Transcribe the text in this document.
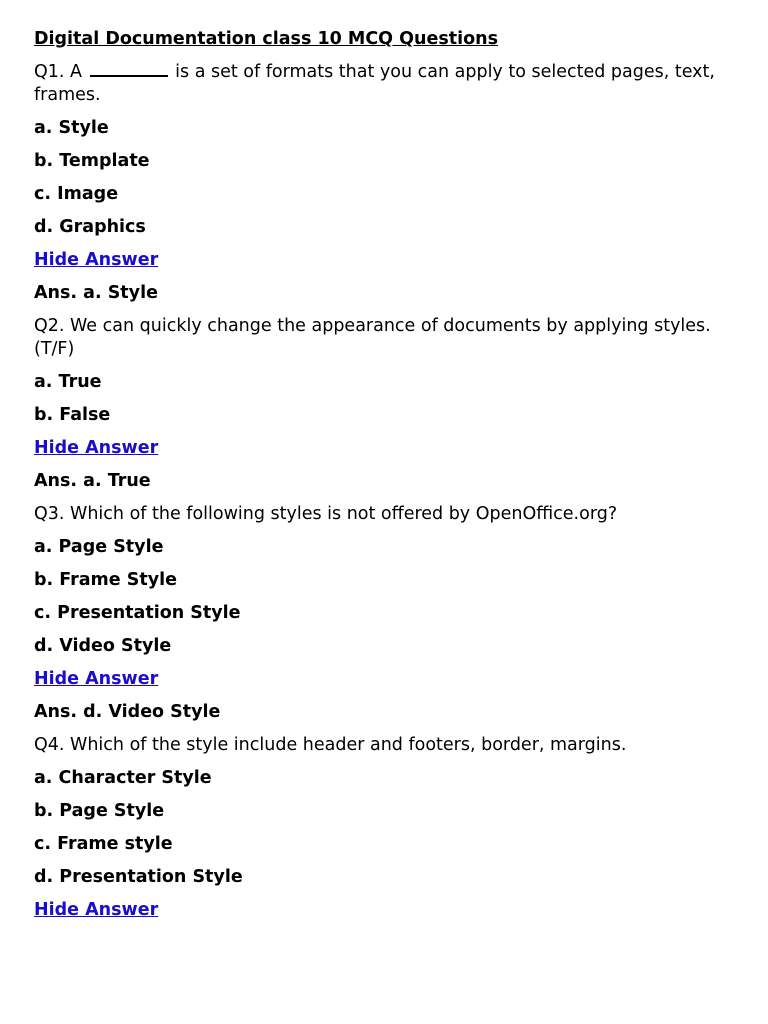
Digital Documentation class 10 MCQ Questions
Q1. A	is a set of formats that you can apply to selected pages, text, frames.
a. Style
b. Template
c. Image
d. Graphics
Hide Answer
Ans. a. Style
Q2. We can quickly change the appearance of documents by applying styles. (T/F)
a. True
b. False
Hide Answer
Ans. a. True
Q3. Which of the following styles is not offered by OpenOffice.org?
a. Page Style
b. Frame Style
c. Presentation Style
d. Video Style
Hide Answer
Ans. d. Video Style
Q4. Which of the style include header and footers, border, margins.
a. Character Style
b. Page Style
c. Frame style
d. Presentation Style
Hide Answer
